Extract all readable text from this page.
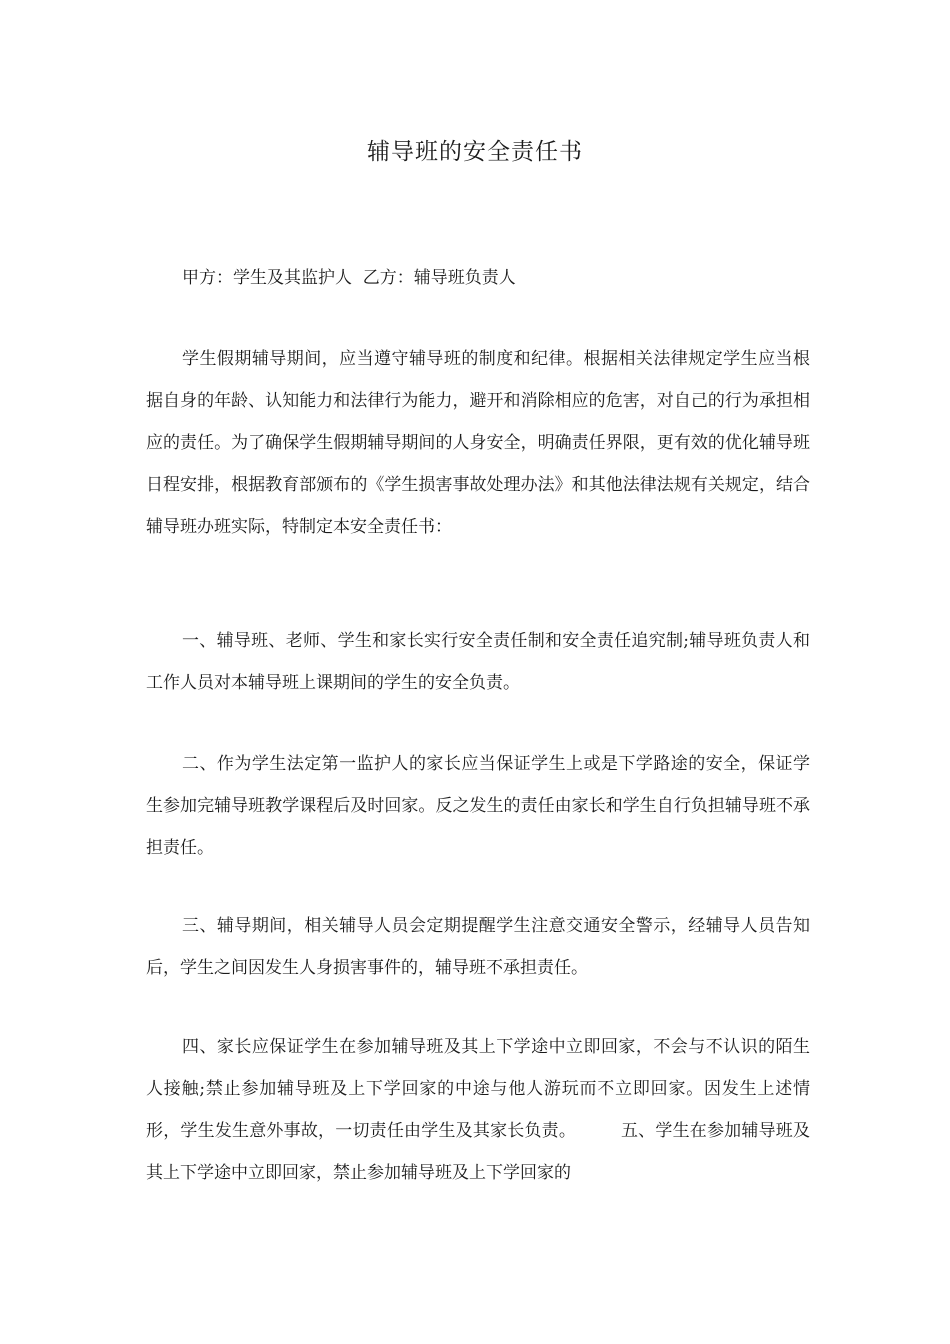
辅导班的安全责任书

甲方：学生及其监护人  乙方：辅导班负责人

学生假期辅导期间，应当遵守辅导班的制度和纪律。根据相关法律规定学生应当根据自身的年龄、认知能力和法律行为能力，避开和消除相应的危害，对自己的行为承担相应的责任。为了确保学生假期辅导期间的人身安全，明确责任界限，更有效的优化辅导班日程安排，根据教育部颁布的《学生损害事故处理办法》和其他法律法规有关规定，结合辅导班办班实际，特制定本安全责任书：

一、辅导班、老师、学生和家长实行安全责任制和安全责任追究制;辅导班负责人和工作人员对本辅导班上课期间的学生的安全负责。

二、作为学生法定第一监护人的家长应当保证学生上或是下学路途的安全，保证学生参加完辅导班教学课程后及时回家。反之发生的责任由家长和学生自行负担辅导班不承担责任。

三、辅导期间，相关辅导人员会定期提醒学生注意交通安全警示，经辅导人员告知后，学生之间因发生人身损害事件的，辅导班不承担责任。

四、家长应保证学生在参加辅导班及其上下学途中立即回家，不会与不认识的陌生人接触;禁止参加辅导班及上下学回家的中途与他人游玩而不立即回家。因发生上述情形，学生发生意外事故，一切责任由学生及其家长负责。        五、学生在参加辅导班及其上下学途中立即回家，禁止参加辅导班及上下学回家的
